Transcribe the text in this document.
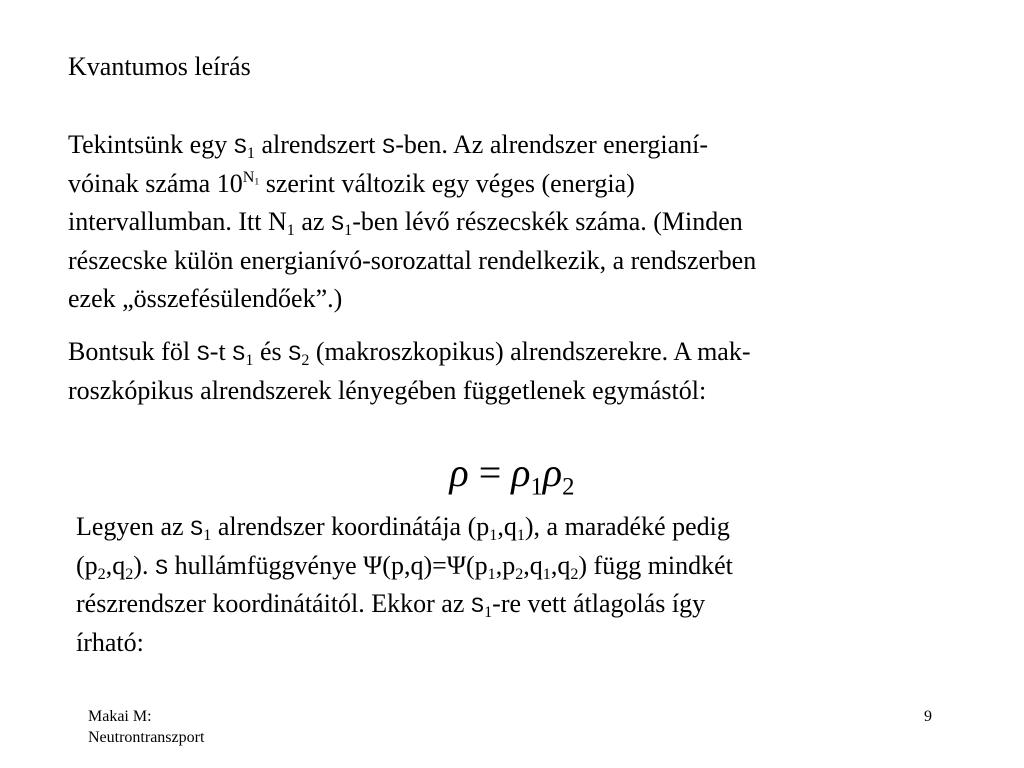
Kvantumos leírás
Tekintsünk egy $S_1$ alrendszert S-ben. Az alrendszer energianí-
vóinak száma $10^{N_1}$ szerint változik egy véges (energia)
intervallumban. Itt $N_1$ az $S_1$-ben lévő részecskék száma. (Minden
részecske külön energianívó-sorozattal rendelkezik, a rendszerben
ezek „összefésülendőek”.)
Bontsuk föl S-t $S_1$ és $S_2$ (makroszkopikus) alrendszerekre. A mak-
roszkópikus alrendszerek lényegében függetlenek egymástól:
$\rho = \rho_1\rho_2$
Legyen az $S_1$ alrendszer koordinátája $(p_1,q_1)$, a maradéké pedig
$(p_2,q_2)$. S hullámfüggvénye $\Psi(p,q)=\Psi(p_1,p_2,q_1,q_2)$ függ mindkét
részrendszer koordinátáitól. Ekkor az $S_1-re$ vett átlagolás így
írható:
Makai M:
Neutrontranszport
9
